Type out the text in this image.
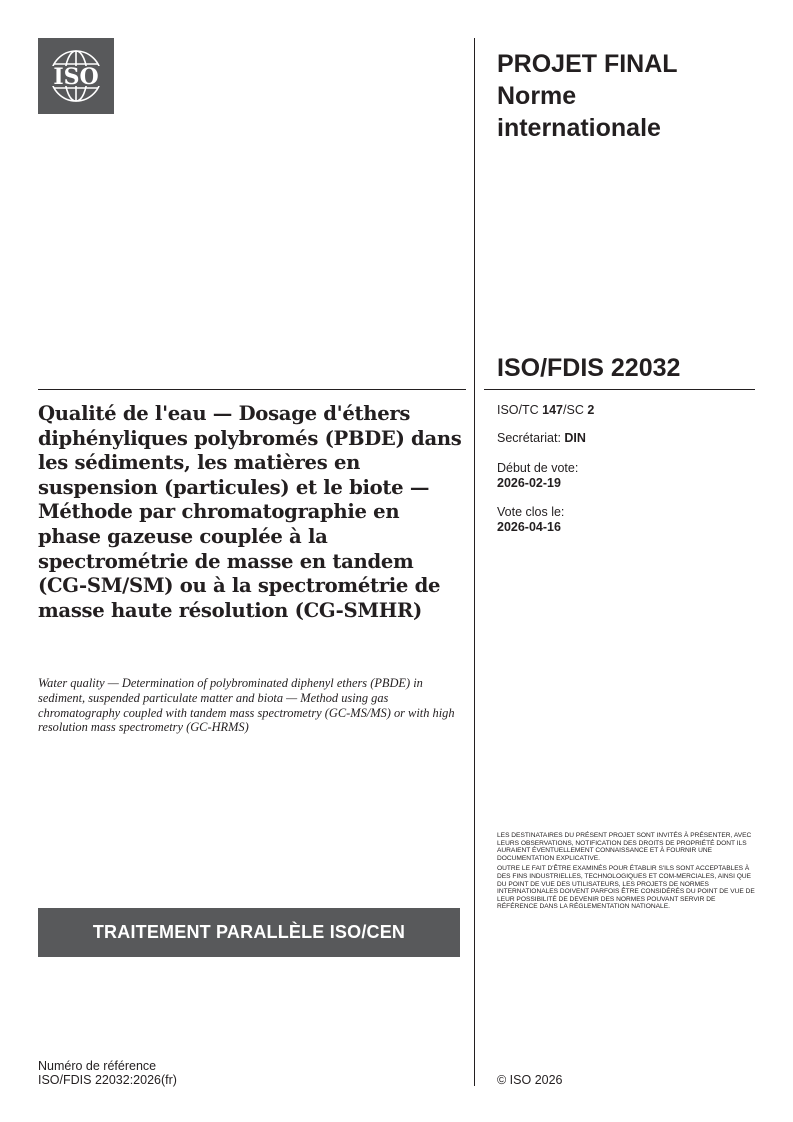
ISO	PROJET FINAL
Norme
internationale
ISO/FDIS 22032
Qualité de l'eau — Dosage d'éthers diphényliques polybromés (PBDE) dans les sédiments, les matières en suspension (particules) et le biote — Méthode par chromatographie en phase gazeuse couplée à la spectrométrie de masse en tandem (CG-SM/SM) ou à la spectrométrie de masse haute résolution (CG-SMHR)
Water quality — Determination of polybrominated diphenyl ethers (PBDE) in sediment, suspended particulate matter and biota — Method using gas chromatography coupled with tandem mass spectrometry (GC-MS/MS) or with high resolution mass spectrometry (GC-HRMS)
ISO/TC 147/SC 2
Secrétariat: DIN
Début de vote:
2026-02-19
Vote clos le:
2026-04-16

LES DESTINATAIRES DU PRÉSENT PROJET SONT INVITÉS À PRÉSENTER, AVEC LEURS OBSERVATIONS, NOTIFICATION DES DROITS DE PROPRIÉTÉ DONT ILS AURAIENT ÉVENTUELLEMENT CONNAISSANCE ET À FOURNIR UNE DOCUMENTATION EXPLICATIVE.

OUTRE LE FAIT D'ÊTRE EXAMINÉS POUR ÉTABLIR S'ILS SONT ACCEPTABLES À DES FINS INDUSTRIELLES, TECHNOLOGIQUES ET COM-MERCIALES, AINSI QUE DU POINT DE VUE DES UTILISATEURS, LES PROJETS DE NORMES INTERNATIONALES DOIVENT PARFOIS ÊTRE CONSIDÉRÉS DU POINT DE VUE DE LEUR POSSIBILITÉ DE DEVENIR DES NORMES POUVANT SERVIR DE RÉFÉRENCE DANS LA RÉGLEMENTATION NATIONALE.

TRAITEMENT PARALLÈLE ISO/CEN
Numéro de référence
ISO/FDIS 22032:2026(fr)	© ISO 2026
